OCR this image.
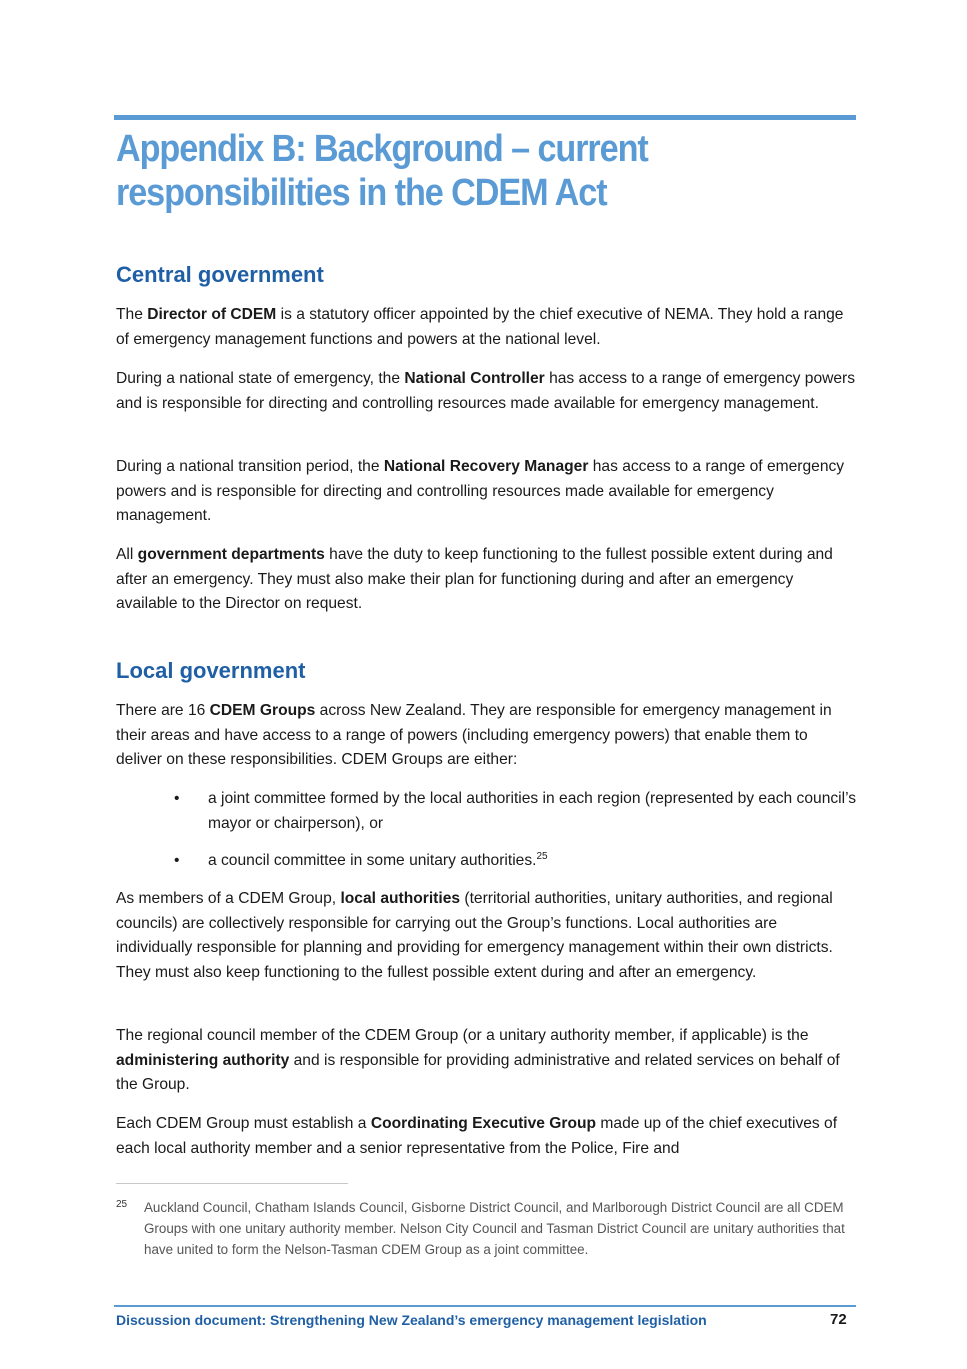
Appendix B: Background – current
responsibilities in the CDEM Act
Central government

The Director of CDEM is a statutory officer appointed by the chief executive of NEMA. They hold a range of emergency management functions and powers at the national level.

During a national state of emergency, the National Controller has access to a range of emergency powers and is responsible for directing and controlling resources made available for emergency management.

During a national transition period, the National Recovery Manager has access to a range of emergency powers and is responsible for directing and controlling resources made available for emergency management.

All government departments have the duty to keep functioning to the fullest possible extent during and after an emergency. They must also make their plan for functioning during and after an emergency available to the Director on request.

Local government

There are 16 CDEM Groups across New Zealand. They are responsible for emergency management in their areas and have access to a range of powers (including emergency powers) that enable them to deliver on these responsibilities. CDEM Groups are either:

• a joint committee formed by the local authorities in each region (represented by each council’s mayor or chairperson), or
• a council committee in some unitary authorities.$^{25}$

As members of a CDEM Group, local authorities (territorial authorities, unitary authorities, and regional councils) are collectively responsible for carrying out the Group’s functions. Local authorities are individually responsible for planning and providing for emergency management within their own districts. They must also keep functioning to the fullest possible extent during and after an emergency.

The regional council member of the CDEM Group (or a unitary authority member, if applicable) is the administering authority and is responsible for providing administrative and related services on behalf of the Group.

Each CDEM Group must establish a Coordinating Executive Group made up of the chief executives of each local authority member and a senior representative from the Police, Fire and

25 Auckland Council, Chatham Islands Council, Gisborne District Council, and Marlborough District Council are all CDEM Groups with one unitary authority member. Nelson City Council and Tasman District Council are unitary authorities that have united to form the Nelson-Tasman CDEM Group as a joint committee.
Discussion document: Strengthening New Zealand’s emergency management legislation	72
